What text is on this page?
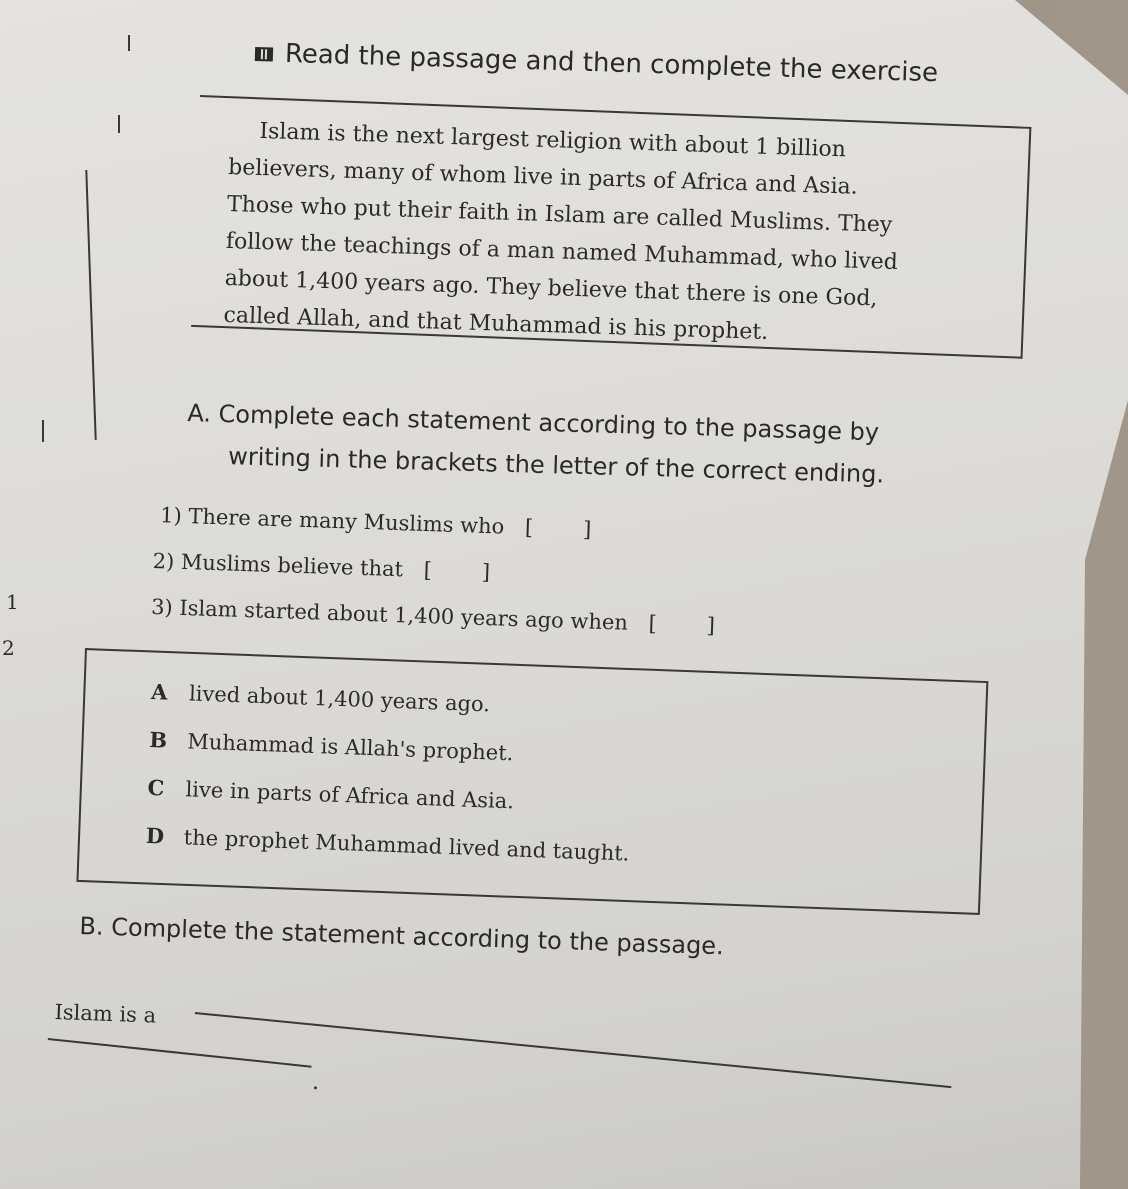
1
2
Read the passage and then complete the exercise
Islam is the next largest religion with about 1 billion
believers, many of whom live in parts of Africa and Asia.
Those who put their faith in Islam are called Muslims. They
follow the teachings of a man named Muhammad, who lived
about 1,400 years ago. They believe that there is one God,
called Allah, and that Muhammad is his prophet.
A. Complete each statement according to the passage by
writing in the brackets the letter of the correct ending.
1) There are many Muslims who [ ]
2) Muslims believe that [ ]
3) Islam started about 1,400 years ago when [ ]
A lived about 1,400 years ago.
B Muhammad is Allah's prophet.
C live in parts of Africa and Asia.
D the prophet Muhammad lived and taught.
B. Complete the statement according to the passage.
Islam is a
.
